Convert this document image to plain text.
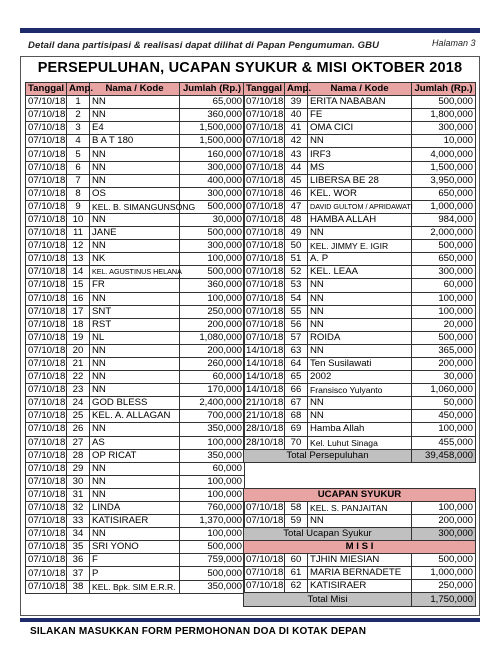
Detail dana partisipasi & realisasi dapat dilihat di Papan Pengumuman. GBU	Halaman 3
PERSEPULUHAN, UCAPAN SYUKUR & MISI OKTOBER 2018
Tanggal	Amp.	Nama / Kode	Jumlah (Rp.)
07/10/18	1	NN	65,000
07/10/18	2	NN	360,000
07/10/18	3	E4	1,500,000
07/10/18	4	B A T 180	1,500,000
07/10/18	5	NN	160,000
07/10/18	6	NN	300,000
07/10/18	7	NN	400,000
07/10/18	8	OS	300,000
07/10/18	9	KEL. B. SIMANGUNSONG	500,000
07/10/18	10	NN	30,000
07/10/18	11	JANE	500,000
07/10/18	12	NN	300,000
07/10/18	13	NK	100,000
07/10/18	14	KEL. AGUSTINUS HELANA	500,000
07/10/18	15	FR	360,000
07/10/18	16	NN	100,000
07/10/18	17	SNT	250,000
07/10/18	18	RST	200,000
07/10/18	19	NL	1,080,000
07/10/18	20	NN	200,000
07/10/18	21	NN	260,000
07/10/18	22	NN	60,000
07/10/18	23	NN	170,000
07/10/18	24	GOD BLESS	2,400,000
07/10/18	25	KEL. A. ALLAGAN	700,000
07/10/18	26	NN	350,000
07/10/18	27	AS	100,000
07/10/18	28	OP RICAT	350,000
07/10/18	29	NN	60,000
07/10/18	30	NN	100,000
07/10/18	31	NN	100,000
07/10/18	32	LINDA	760,000
07/10/18	33	KATISIRAER	1,370,000
07/10/18	34	NN	100,000
07/10/18	35	SRI YONO	500,000
07/10/18	36	F	759,000
07/10/18	37	P	500,000
07/10/18	38	KEL. Bpk. SIM E.R.R.	350,000
Tanggal	Amp.	Nama / Kode	Jumlah (Rp.)
07/10/18	39	ERITA NABABAN	500,000
07/10/18	40	FE	1,800,000
07/10/18	41	OMA CICI	300,000
07/10/18	42	NN	10,000
07/10/18	43	IRF3	4,000,000
07/10/18	44	MS	1,500,000
07/10/18	45	LIBERSA BE 28	3,950,000
07/10/18	46	KEL. WOR	650,000
07/10/18	47	DAVID GULTOM / APRIDAWATI	1,000,000
07/10/18	48	HAMBA ALLAH	984,000
07/10/18	49	NN	2,000,000
07/10/18	50	KEL. JIMMY E. IGIR	500,000
07/10/18	51	A. P	650,000
07/10/18	52	KEL. LEAA	300,000
07/10/18	53	NN	60,000
07/10/18	54	NN	100,000
07/10/18	55	NN	100,000
07/10/18	56	NN	20,000
07/10/18	57	ROIDA	500,000
14/10/18	63	NN	365,000
14/10/18	64	Ten Susilawati	200,000
14/10/18	65	2002	30,000
14/10/18	66	Fransisco Yulyanto	1,060,000
21/10/18	67	NN	50,000
21/10/18	68	NN	450,000
28/10/18	69	Hamba Allah	100,000
28/10/18	70	Kel. Luhut Sinaga	455,000
Total Persepuluhan			39,458,000

UCAPAN SYUKUR			
07/10/18	58	KEL. S. PANJAITAN	100,000
07/10/18	59	NN	200,000
Total Ucapan Syukur			300,000
M I S I			
07/10/18	60	TJHIN MIESIAN	500,000
07/10/18	61	MARIA BERNADETE	1,000,000
07/10/18	62	KATISIRAER	250,000
Total Misi			1,750,000
SILAKAN MASUKKAN FORM PERMOHONAN DOA DI KOTAK DEPAN
